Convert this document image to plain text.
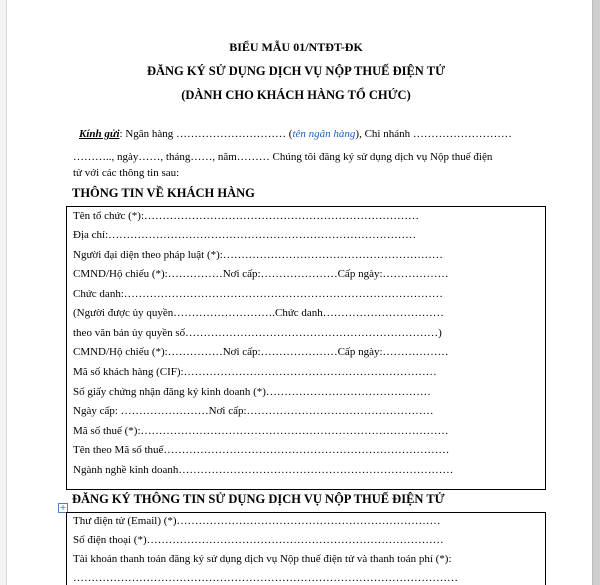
BIỂU MẪU 01/NTĐT-ĐK
ĐĂNG KÝ SỬ DỤNG DỊCH VỤ NỘP THUẾ ĐIỆN TỬ
(DÀNH CHO KHÁCH HÀNG TỔ CHỨC)
Kính gửi: Ngân hàng ………………………… (tên ngân hàng), Chi nhánh ………………………
……….., ngày……, tháng……, năm……… Chúng tôi đăng ký sử dụng dịch vụ Nộp thuế điện
tử với các thông tin sau:
THÔNG TIN VỀ KHÁCH HÀNG
Tên tổ chức (*):…………………………………………………………………
Địa chỉ:…………………………………………………………………………
Người đại diện theo pháp luật (*):……………………………………………………
CMND/Hộ chiếu (*):……………Nơi cấp:…………………Cấp ngày:………………
Chức danh:……………………………………………………………………………
(Người được ủy quyền……………………….Chức danh……………………………
theo văn bản ủy quyền số……………………………………………………………)
CMND/Hộ chiếu (*):……………Nơi cấp:…………………Cấp ngày:………………
Mã số khách hàng (CIF):……………………………………………………………
Số giấy chứng nhận đăng ký kinh doanh (*)………………………………………
Ngày cấp: ……………………Nơi cấp:……………………………………………
Mã số thuế (*):…………………………………………………………………………
Tên theo Mã số thuế……………………………………………………………………
Ngành nghề kinh doanh…………………………………………………………………
+
ĐĂNG KÝ THÔNG TIN SỬ DỤNG DỊCH VỤ NỘP THUẾ ĐIỆN TỬ
Thư điện tử (Email) (*)………………………………………………………………
Số điện thoại (*)………………………………………………………………………
Tài khoản thanh toán đăng ký sử dụng dịch vụ Nộp thuế điện tử và thanh toán phí (*):
……………………………………………………………………………………………
